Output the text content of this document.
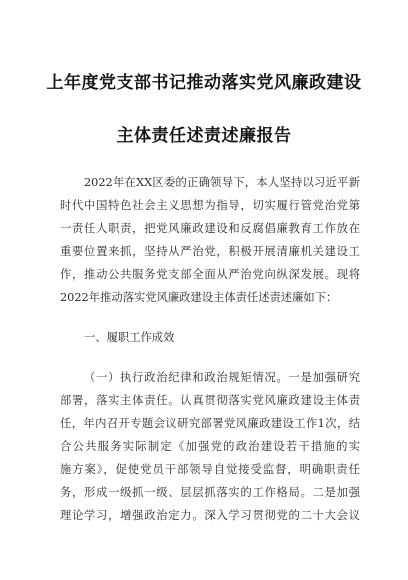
上年度党支部书记推动落实党风廉政建设
主体责任述责述廉报告
2022年在XX区委的正确领导下，本人坚持以习近平新
时代中国特色社会主义思想为指导，切实履行管党治党第
一责任人职责，把党风廉政建设和反腐倡廉教育工作放在
重要位置来抓，坚持从严治党，积极开展清廉机关建设工
作，推动公共服务党支部全面从严治党向纵深发展。现将
2022年推动落实党风廉政建设主体责任述责述廉如下：
一、履职工作成效
（一）执行政治纪律和政治规矩情况。一是加强研究
部署，落实主体责任。认真贯彻落实党风廉政建设主体责
任，年内召开专题会议研究部署党风廉政建设工作1次，结
合公共服务实际制定《加强党的政治建设若干措施的实
施方案》，促使党员干部领导自觉接受监督，明确职责任
务，形成一级抓一级、层层抓落实的工作格局。二是加强
理论学习，增强政治定力。深入学习贯彻党的二十大会议
